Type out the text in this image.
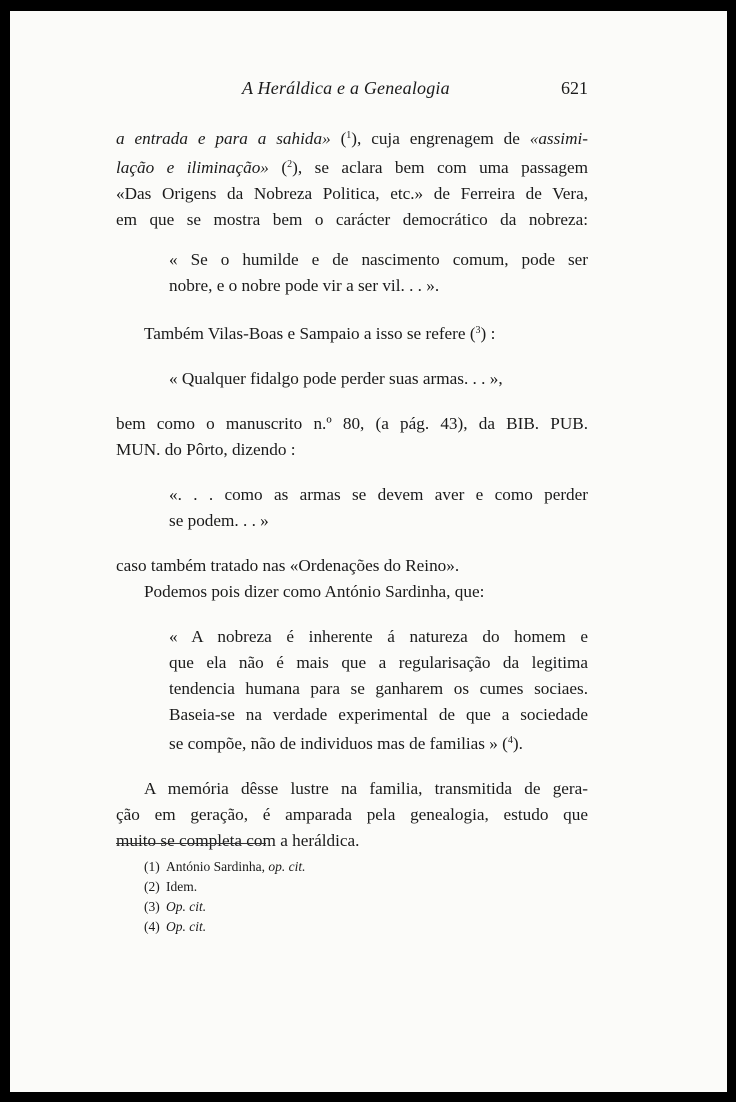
A Heráldica e a Genealogia	621

a entrada e para a sahida» ($^1$), cuja engrenagem de «assimi-
lação e iliminação» ($^2$), se aclara bem com uma passagem
«Das Origens da Nobreza Politica, etc.» de Ferreira de Vera,
em que se mostra bem o carácter democrático da nobreza:

« Se o humilde e de nascimento comum, pode ser
nobre, e o nobre pode vir a ser vil. . . ».

Também Vilas-Boas e Sampaio a isso se refere ($^3$) :

« Qualquer fidalgo pode perder suas armas. . . »,

bem como o manuscrito n.º 80, (a pág. 43), da BIB. PUB.
MUN. do Pôrto, dizendo :

«. . . como as armas se devem aver e como perder
se podem. . . »

caso também tratado nas «Ordenações do Reino».
Podemos pois dizer como António Sardinha, que:

« A nobreza é inherente á natureza do homem e
que ela não é mais que a regularisação da legitima
tendencia humana para se ganharem os cumes sociaes.
Baseia-se na verdade experimental de que a sociedade
se compõe, não de individuos mas de familias » ($^4$).

A memória dêsse lustre na familia, transmitida de gera-
ção em geração, é amparada pela genealogia, estudo que
muito se completa com a heráldica.

(1) António Sardinha, op. cit.
(2) Idem.
(3) Op. cit.
(4) Op. cit.
